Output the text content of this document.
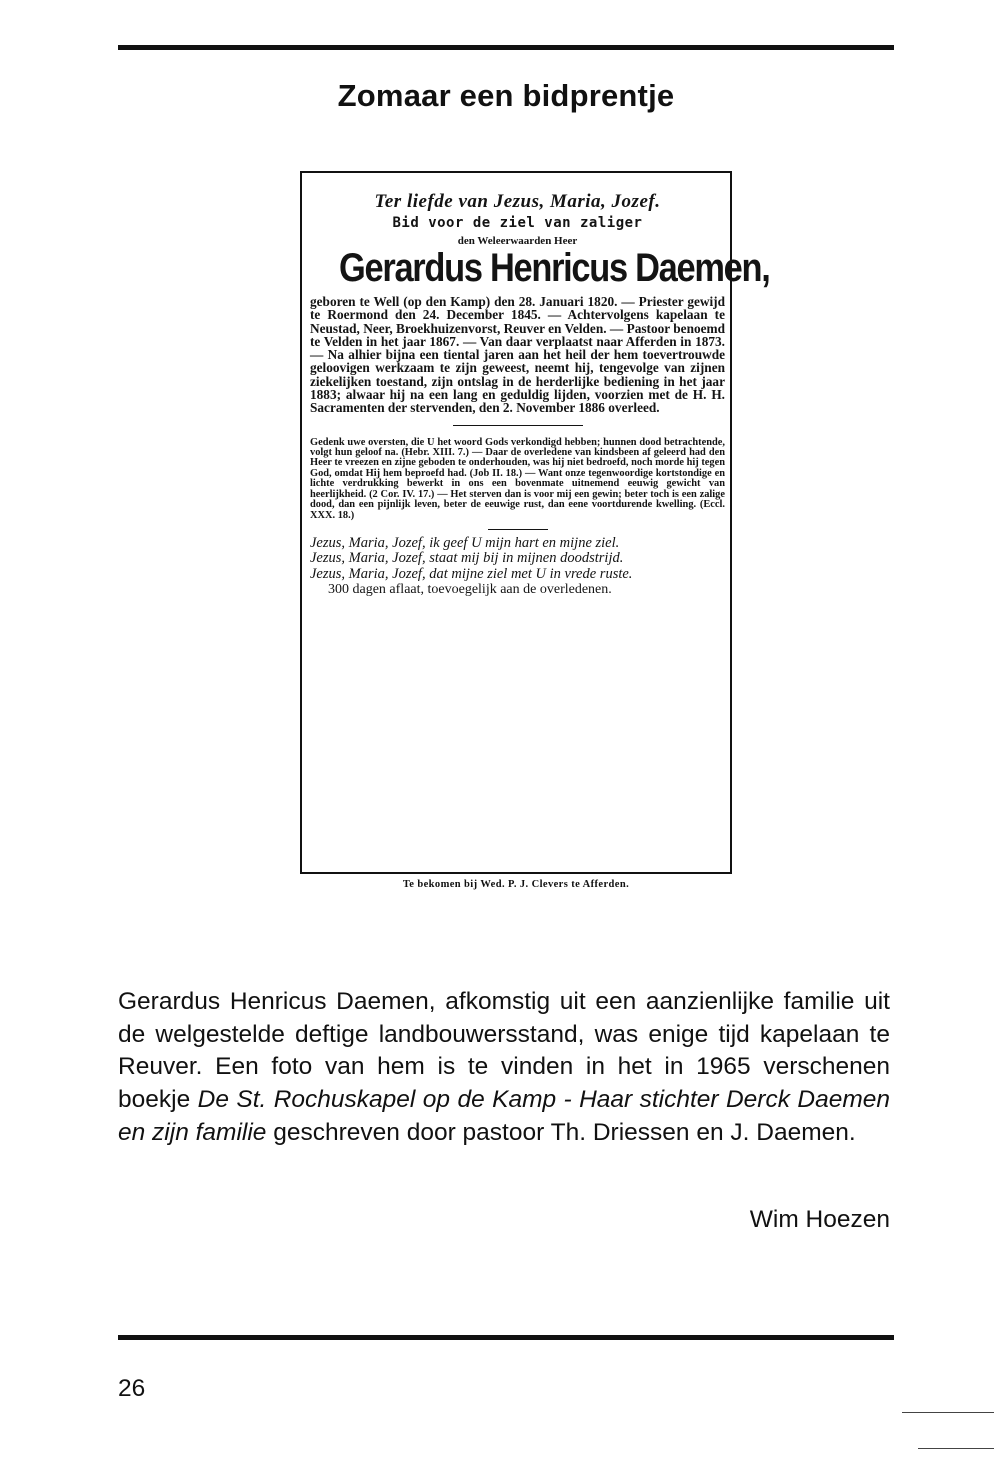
Zomaar een bidprentje
Ter liefde van Jezus, Maria, Jozef.
Bid voor de ziel van zaliger
den Weleerwaarden Heer
Gerardus Henricus Daemen,

geboren te Well (op den Kamp) den 28. Januari 1820. — Priester gewijd te Roermond den 24. December 1845. — Achtervolgens kapelaan te Neustad, Neer, Broekhuizenvorst, Reuver en Velden. — Pastoor benoemd te Velden in het jaar 1867. — Van daar verplaatst naar Afferden in 1873. — Na alhier bijna een tiental jaren aan het heil der hem toevertrouwde geloovigen werkzaam te zijn geweest, neemt hij, tengevolge van zijnen ziekelijken toestand, zijn ontslag in de herderlijke bediening in het jaar 1883; alwaar hij na een lang en geduldig lijden, voorzien met de H. H. Sacramenten der stervenden, den 2. November 1886 overleed.

Gedenk uwe oversten, die U het woord Gods verkondigd hebben; hunnen dood betrachtende, volgt hun geloof na. (Hebr. XIII. 7.) — Daar de overledene van kindsbeen af geleerd had den Heer te vreezen en zijne geboden te onderhouden, was hij niet bedroefd, noch morde hij tegen God, omdat Hij hem beproefd had. (Job II. 18.) — Want onze tegenwoordige kortstondige en lichte verdrukking bewerkt in ons een bovenmate uitnemend eeuwig gewicht van heerlijkheid. (2 Cor. IV. 17.) — Het sterven dan is voor mij een gewin; beter toch is een zalige dood, dan een pijnlijk leven, beter de eeuwige rust, dan eene voortdurende kwelling. (Eccl. XXX. 18.)

Jezus, Maria, Jozef, ik geef U mijn hart en mijne ziel.

Jezus, Maria, Jozef, staat mij bij in mijnen doodstrijd.

Jezus, Maria, Jozef, dat mijne ziel met U in vrede ruste.

300 dagen aflaat, toevoegelijk aan de overledenen.

Te bekomen bij Wed. P. J. Clevers te Afferden.

Gerardus Henricus Daemen, afkomstig uit een aanzienlijke familie uit de welgestelde deftige landbouwersstand, was enige tijd kapelaan te Reuver. Een foto van hem is te vinden in het in 1965 verschenen boekje De St. Rochuskapel op de Kamp - Haar stichter Derck Daemen en zijn familie geschreven door pastoor Th. Driessen en J. Daemen.

Wim Hoezen
26
